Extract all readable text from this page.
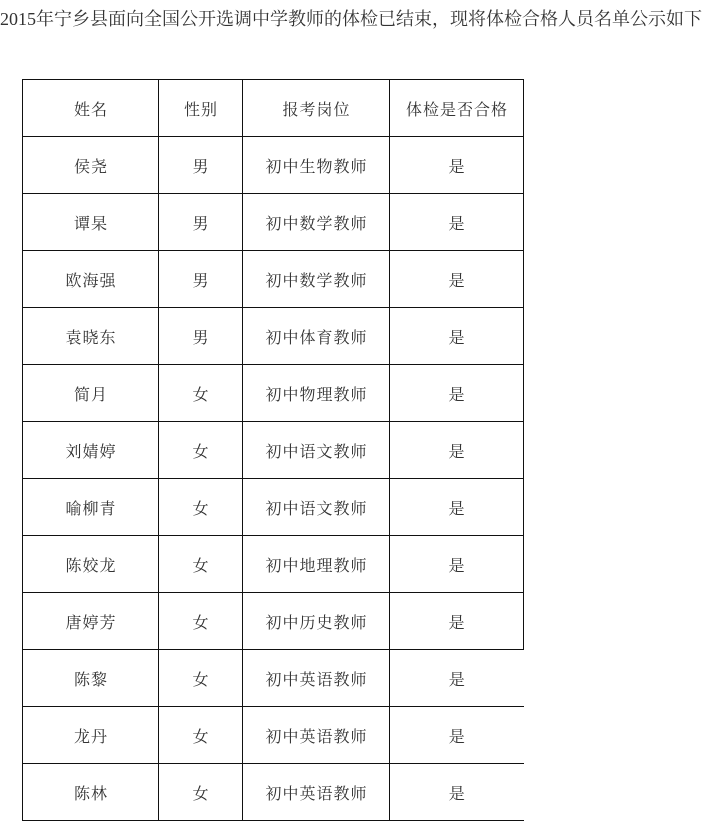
2015年宁乡县面向全国公开选调中学教师的体检已结束，现将体检合格人员名单公示如下
姓名	性别	报考岗位	体检是否合格
侯尧	男	初中生物教师	是
谭杲	男	初中数学教师	是
欧海强	男	初中数学教师	是
袁晓东	男	初中体育教师	是
简月	女	初中物理教师	是
刘婧婷	女	初中语文教师	是
喻柳青	女	初中语文教师	是
陈姣龙	女	初中地理教师	是
唐婷芳	女	初中历史教师	是
陈黎	女	初中英语教师	是
龙丹	女	初中英语教师	是
陈林	女	初中英语教师	是
